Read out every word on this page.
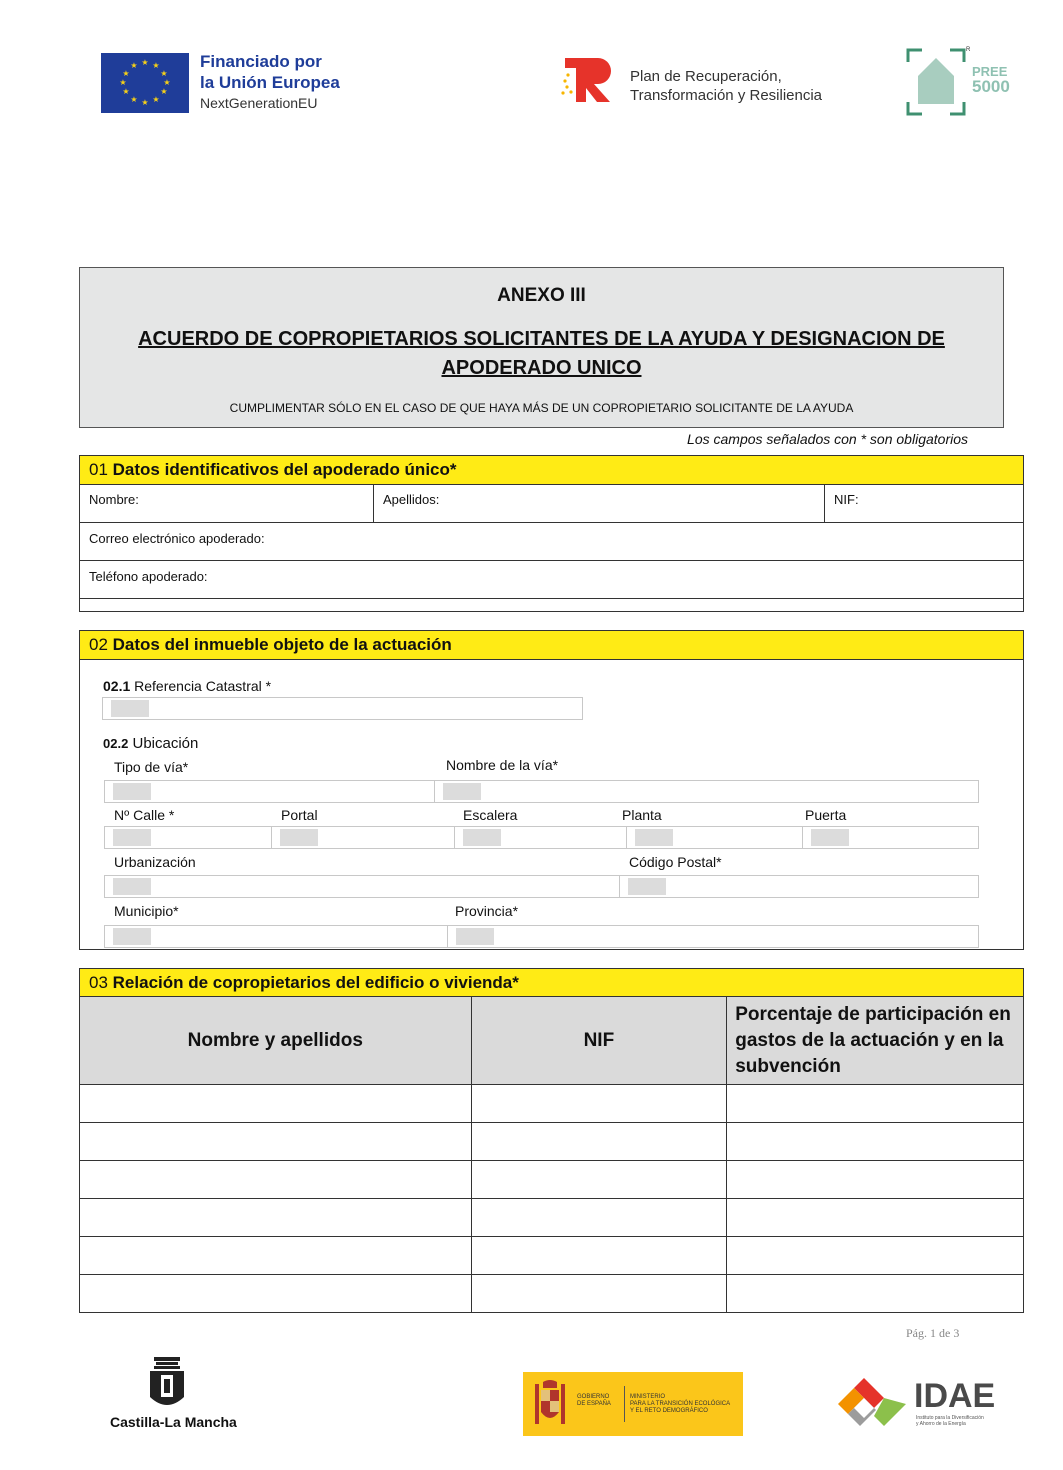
★ ★
★
★
★
★
★
★
★
★
★
★	Financiado por
la Unión Europea
NextGenerationEU
Plan de Recuperación,
Transformación y Resiliencia
R
PREE
5000
ANEXO III
ACUERDO DE COPROPIETARIOS SOLICITANTES DE LA AYUDA Y DESIGNACION DE APODERADO UNICO
CUMPLIMENTAR SÓLO EN EL CASO DE QUE HAYA MÁS DE UN COPROPIETARIO SOLICITANTE DE LA AYUDA
Los campos señalados con * son obligatorios
01 Datos identificativos del apoderado único*
Nombre:	Apellidos:	NIF:
Correo electrónico apoderado:
Teléfono apoderado:
02 Datos del inmueble objeto de la actuación
02.1 Referencia Catastral *
02.2 Ubicación
Tipo de vía*	Nombre de la vía*
Nº Calle *	Portal	Escalera	Planta	Puerta
Urbanización	Código Postal*
Municipio*	Provincia*
03 Relación de copropietarios del edificio o vivienda*
Nombre y apellidos	NIF	Porcentaje de participación en gastos de la actuación y en la subvención

Pág. 1 de 3
Castilla-La Mancha
GOBIERNO
DE ESPAÑA
MINISTERIO
PARA LA TRANSICIÓN ECOLÓGICA
Y EL RETO DEMOGRÁFICO	IDAE
Instituto para la Diversificación
y Ahorro de la Energía
